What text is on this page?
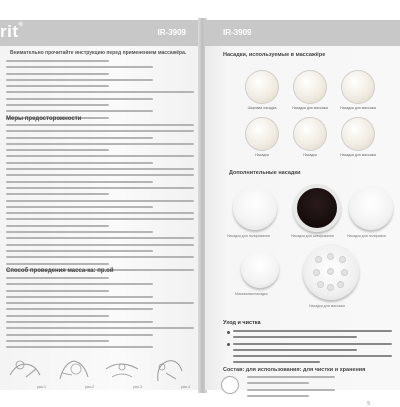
rit®
IR-3909
Внимательно прочитайте инструкцию перед применением массажёра.
Меры предосторожности
Способ проведения масса-ка: пр.ой
рис.1	рис.2	рис.3	рис.4
IR-3909
Насадки, используемые в массажёре
Шаровая насадка	Насадка для массажа	Насадка для массажа
Насадка	Насадка	Насадка для массажа
Дополнительные насадки
Насадка для полирования	Насадка для шлифования	Насадка для полировки
Массажная насадка
Насадка для массажа
Уход и чистка
Состав: для использования: для чистки и хранения
5
